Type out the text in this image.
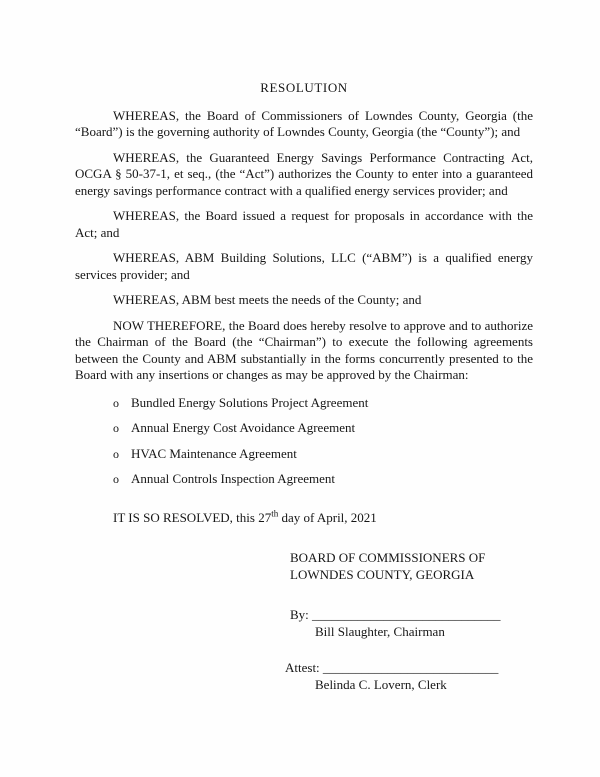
RESOLUTION

WHEREAS, the Board of Commissioners of Lowndes County, Georgia (the “Board”) is the governing authority of Lowndes County, Georgia (the “County”); and

WHEREAS, the Guaranteed Energy Savings Performance Contracting Act, OCGA § 50-37-1, et seq., (the “Act”) authorizes the County to enter into a guaranteed energy savings performance contract with a qualified energy services provider; and

WHEREAS, the Board issued a request for proposals in accordance with the Act; and

WHEREAS, ABM Building Solutions, LLC (“ABM”) is a qualified energy services provider; and

WHEREAS, ABM best meets the needs of the County; and

NOW THEREFORE, the Board does hereby resolve to approve and to authorize the Chairman of the Board (the “Chairman”) to execute the following agreements between the County and ABM substantially in the forms concurrently presented to the Board with any insertions or changes as may be approved by the Chairman:

o Bundled Energy Solutions Project Agreement
o Annual Energy Cost Avoidance Agreement
o HVAC Maintenance Agreement
o Annual Controls Inspection Agreement

IT IS SO RESOLVED, this 27th day of April, 2021

BOARD OF COMMISSIONERS OF
LOWNDES COUNTY, GEORGIA
By: _____________________________
Bill Slaughter, Chairman
Attest: ___________________________
Belinda C. Lovern, Clerk
